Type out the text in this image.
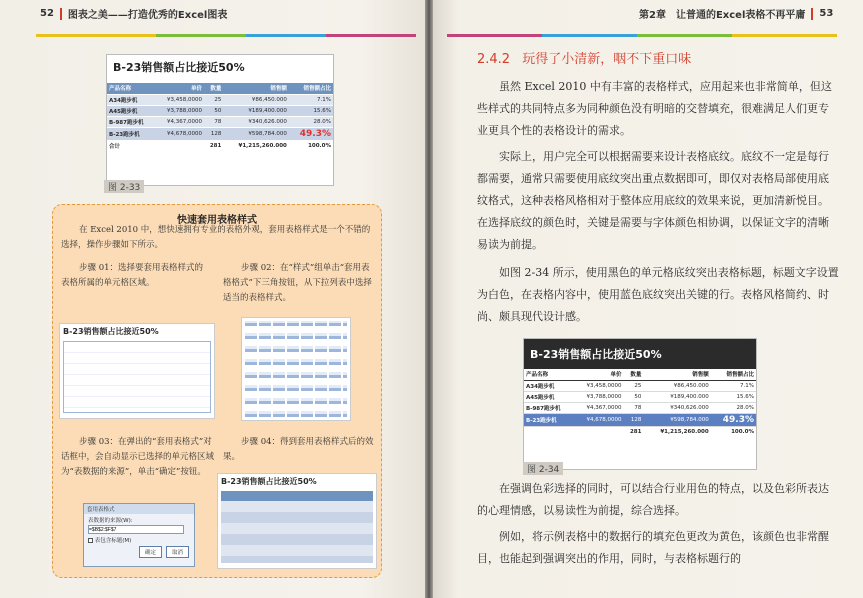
52 图表之美——打造优秀的Excel图表
B-23销售额占比接近50%
产品名称	单价	数量	销售额	销售额占比
A34跑步机	¥3,458,0000	25	¥86,450.000	7.1%
A45跑步机	¥3,788,0000	50	¥189,400.000	15.6%
B-987跑步机	¥4,367,0000	78	¥340,626.000	28.0%
B-23跑步机	¥4,678,0000	128	¥598,784.000	49.3%
合计		281	¥1,215,260.000	100.0%
图 2-33
快速套用表格样式
在 Excel 2010 中，想快速拥有专业的表格外观，套用表格样式是一个不错的选择，操作步骤如下所示。
步骤 01：选择要套用表格样式的表格所属的单元格区域。
步骤 02：在“样式”组单击“套用表格格式”下三角按钮，从下拉列表中选择适当的表格样式。
B-23销售额占比接近50%
步骤 03：在弹出的“套用表格式”对话框中，会自动显示已选择的单元格区域为“表数据的来源”，单击“确定”按钮。
步骤 04：得到套用表格样式后的效果。
套用表格式
表数据的来源(W):
=$B$2:$F$7
表包含标题(M)
确定	取消
B-23销售额占比接近50%
第2章　让普通的Excel表格不再平庸 53
2.4.2 玩得了小清新，咽不下重口味

虽然 Excel 2010 中有丰富的表格样式，应用起来也非常简单，但这些样式的共同特点多为同种颜色没有明暗的交替填充，很难满足人们更专业更具个性的表格设计的需求。

实际上，用户完全可以根据需要来设计表格底纹。底纹不一定是每行都需要，通常只需要使用底纹突出重点数据即可，即仅对表格局部使用底纹格式，这种表格风格相对于整体应用底纹的效果来说，更加清新悦目。在选择底纹的颜色时，关键是需要与字体颜色相协调，以保证文字的清晰易读为前提。

如图 2-34 所示，使用黑色的单元格底纹突出表格标题，标题文字设置为白色，在表格内容中，使用蓝色底纹突出关键的行。表格风格简约、时尚、颇具现代设计感。

B-23销售额占比接近50%
产品名称	单价	数量	销售额	销售额占比
A34跑步机	¥3,458,0000	25	¥86,450.000	7.1%
A45跑步机	¥3,788,0000	50	¥189,400.000	15.6%
B-987跑步机	¥4,367,0000	78	¥340,626.000	28.0%
B-23跑步机	¥4,678,0000	128	¥598,784.000	49.3%
		281	¥1,215,260.000	100.0%
图 2-34

在强调色彩选择的同时，可以结合行业用色的特点，以及色彩所表达的心理情感，以易读性为前提，综合选择。

例如，将示例表格中的数据行的填充色更改为黄色，该颜色也非常醒目，也能起到强调突出的作用，同时，与表格标题行的
